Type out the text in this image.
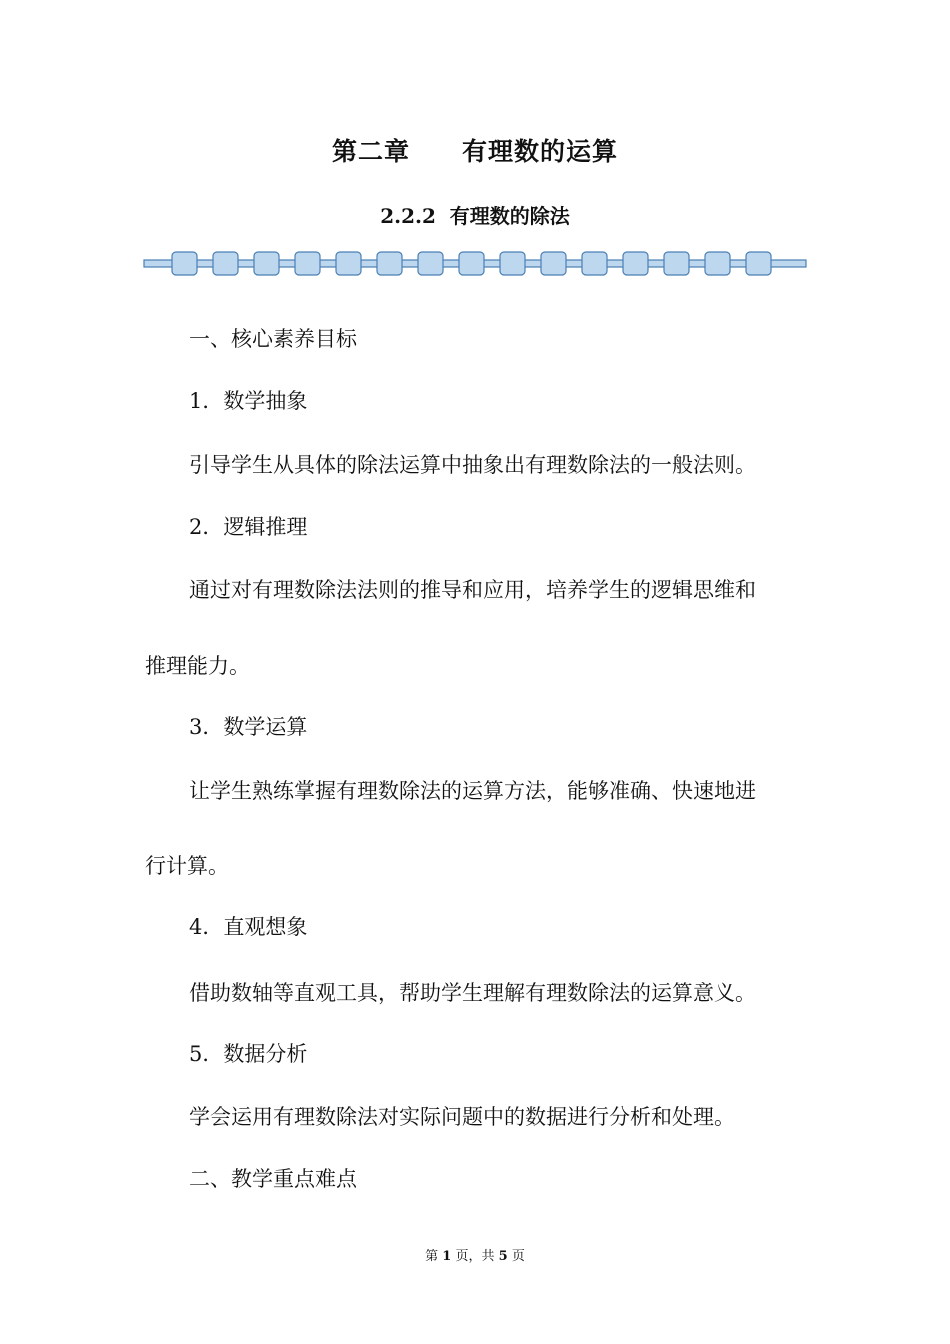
第二章　　有理数的运算
2.2.2  有理数的除法
一、核心素养目标
1．数学抽象
引导学生从具体的除法运算中抽象出有理数除法的一般法则。
2．逻辑推理
通过对有理数除法法则的推导和应用，培养学生的逻辑思维和
推理能力。
3．数学运算
让学生熟练掌握有理数除法的运算方法，能够准确、快速地进
行计算。
4．直观想象
借助数轴等直观工具，帮助学生理解有理数除法的运算意义。
5．数据分析
学会运用有理数除法对实际问题中的数据进行分析和处理。
二、教学重点难点
第 1 页，共 5 页
